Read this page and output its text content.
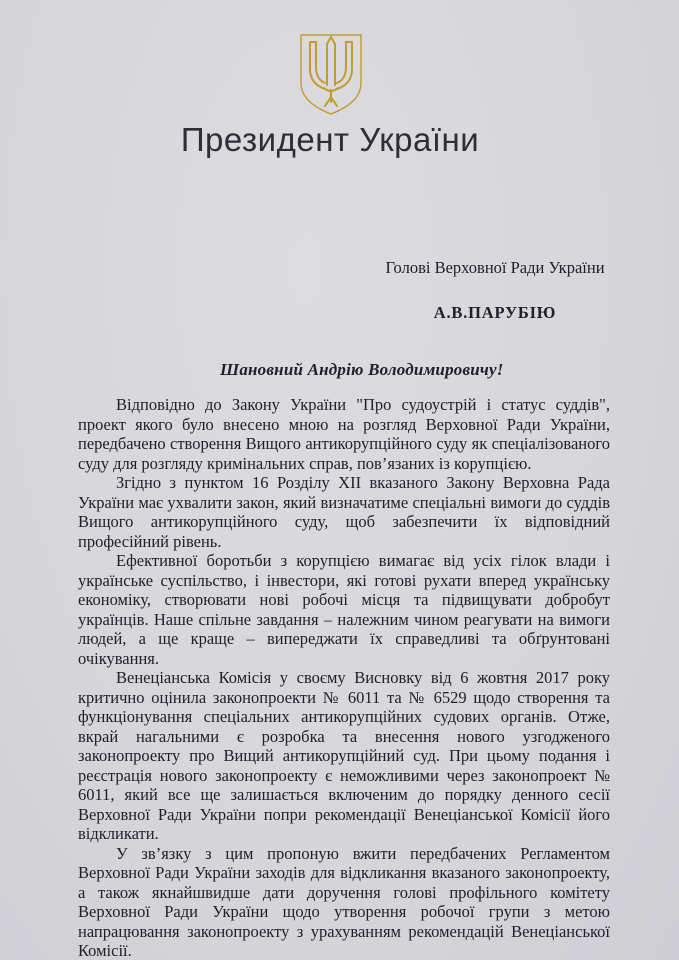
Президент України
Голові Верховної Ради України
А.В.ПАРУБІЮ
Шановний Андрію Володимировичу!

Відповідно до Закону України "Про судоустрій і статус суддів", проект якого було внесено мною на розгляд Верховної Ради України, передбачено створення Вищого антикорупційного суду як спеціалізованого суду для розгляду кримінальних справ, пов’язаних із корупцією.

Згідно з пунктом 16 Розділу XII вказаного Закону Верховна Рада України має ухвалити закон, який визначатиме спеціальні вимоги до суддів Вищого антикорупційного суду, щоб забезпечити їх відповідний професійний рівень.

Ефективної боротьби з корупцією вимагає від усіх гілок влади і українське суспільство, і інвестори, які готові рухати вперед українську економіку, створювати нові робочі місця та підвищувати добробут українців. Наше спільне завдання – належним чином реагувати на вимоги людей, а ще краще – випереджати їх справедливі та обґрунтовані очікування.

Венеціанська Комісія у своєму Висновку від 6 жовтня 2017 року критично оцінила законопроекти № 6011 та № 6529 щодо створення та функціонування спеціальних антикорупційних судових органів. Отже, вкрай нагальними є розробка та внесення нового узгодженого законопроекту про Вищий антикорупційний суд. При цьому подання і реєстрація нового законопроекту є неможливими через законопроект № 6011, який все ще залишається включеним до порядку денного сесії Верховної Ради України попри рекомендації Венеціанської Комісії його відкликати.

У зв’язку з цим пропоную вжити передбачених Регламентом Верховної Ради України заходів для відкликання вказаного законопроекту, а також якнайшвидше дати доручення голові профільного комітету Верховної Ради України щодо утворення робочої групи з метою напрацювання законопроекту з урахуванням рекомендацій Венеціанської Комісії.
